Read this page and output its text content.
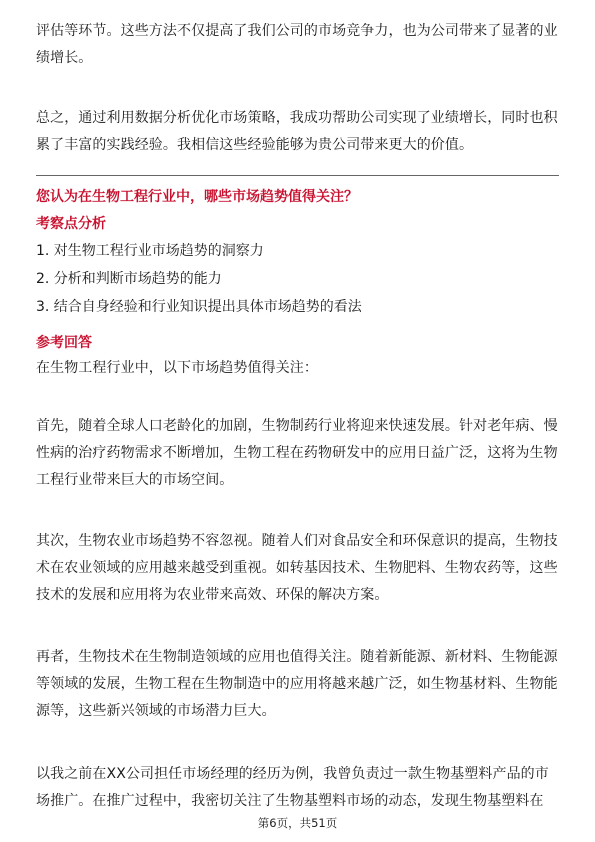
评估等环节。这些方法不仅提高了我们公司的市场竞争力，也为公司带来了显著的业绩增长。
总之，通过利用数据分析优化市场策略，我成功帮助公司实现了业绩增长，同时也积累了丰富的实践经验。我相信这些经验能够为贵公司带来更大的价值。
您认为在生物工程行业中，哪些市场趋势值得关注？
考察点分析
1. 对生物工程行业市场趋势的洞察力
2. 分析和判断市场趋势的能力
3. 结合自身经验和行业知识提出具体市场趋势的看法
参考回答
在生物工程行业中，以下市场趋势值得关注：
首先，随着全球人口老龄化的加剧，生物制药行业将迎来快速发展。针对老年病、慢性病的治疗药物需求不断增加，生物工程在药物研发中的应用日益广泛，这将为生物工程行业带来巨大的市场空间。
其次，生物农业市场趋势不容忽视。随着人们对食品安全和环保意识的提高，生物技术在农业领域的应用越来越受到重视。如转基因技术、生物肥料、生物农药等，这些技术的发展和应用将为农业带来高效、环保的解决方案。
再者，生物技术在生物制造领域的应用也值得关注。随着新能源、新材料、生物能源等领域的发展，生物工程在生物制造中的应用将越来越广泛，如生物基材料、生物能源等，这些新兴领域的市场潜力巨大。
以我之前在XX公司担任市场经理的经历为例，我曾负责过一款生物基塑料产品的市场推广。在推广过程中，我密切关注了生物基塑料市场的动态，发现生物基塑料在
第6页，共51页
